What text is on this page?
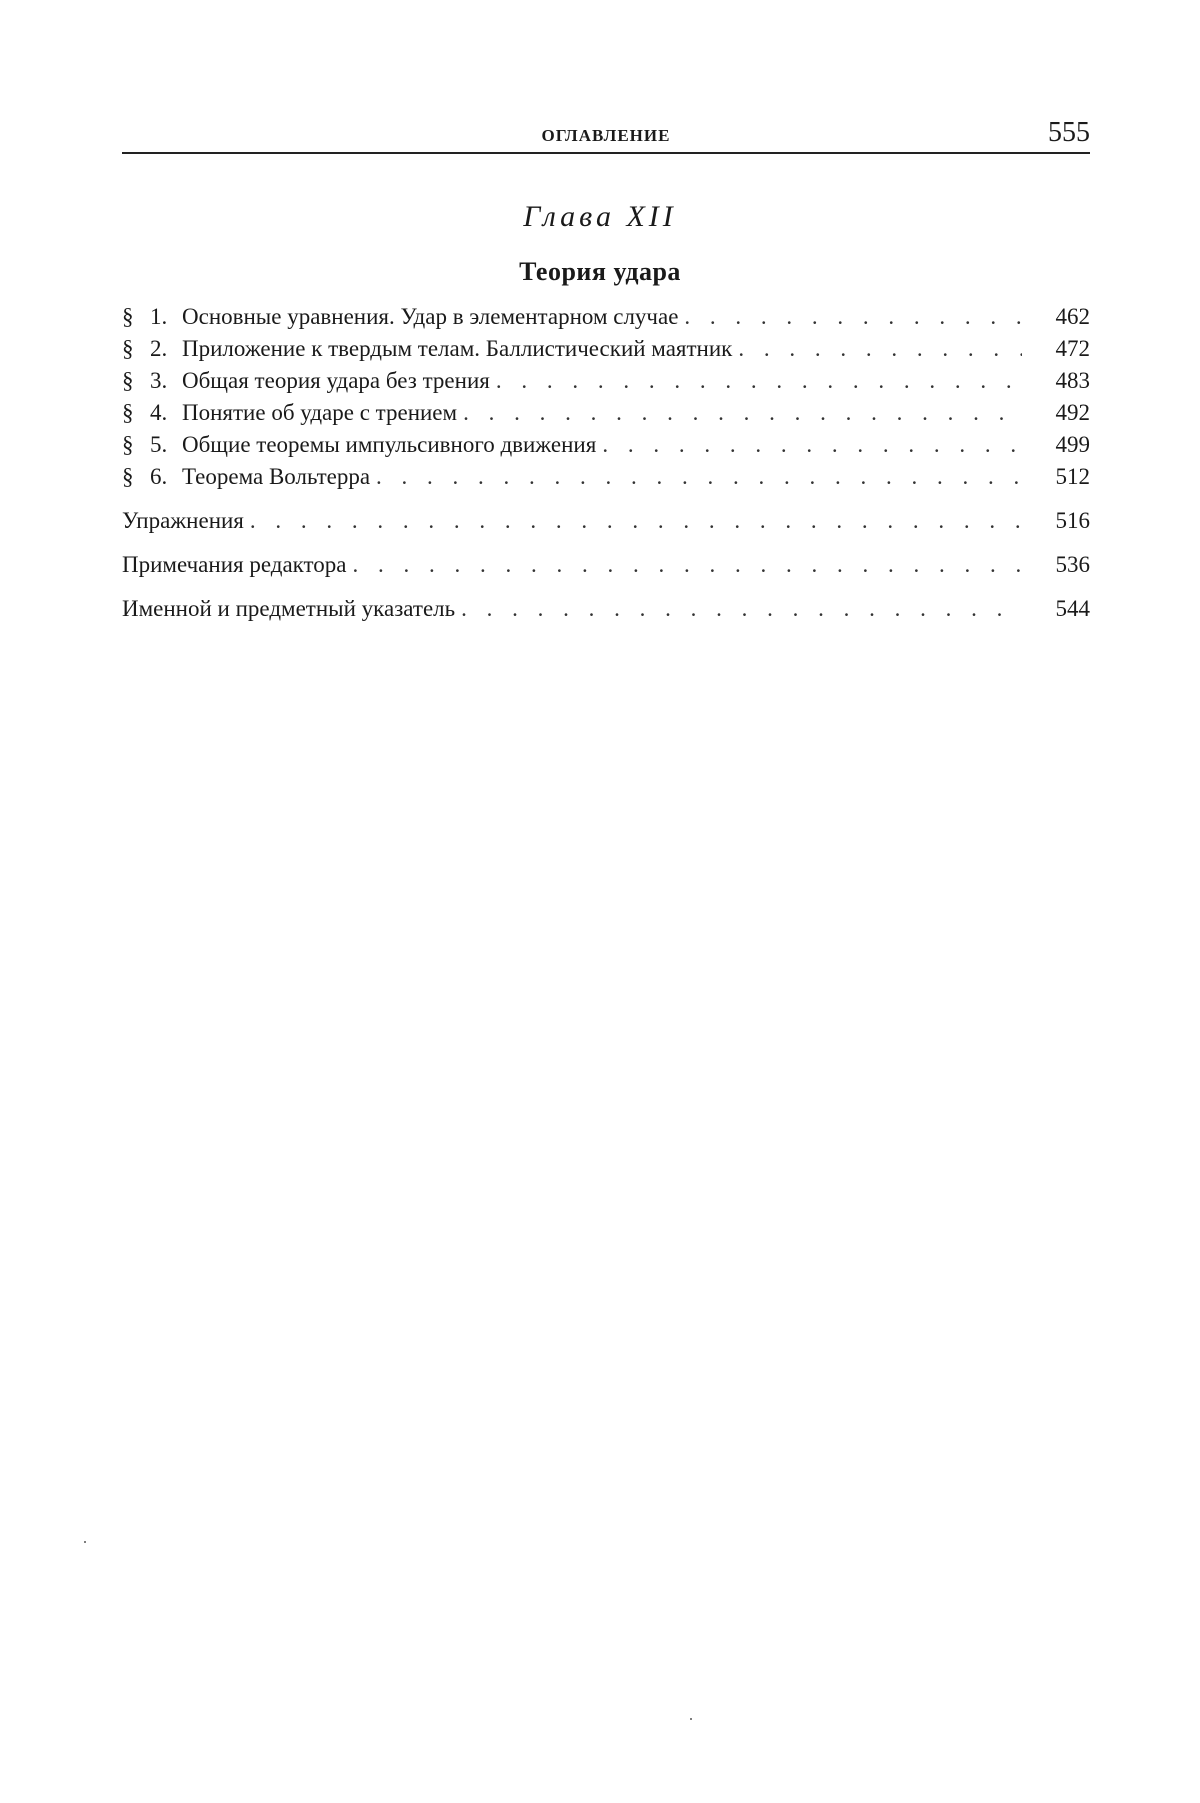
ОГЛАВЛЕНИЕ	555
Глава XII
Теория удара
§ 1. Основные уравнения. Удар в элементарном случае . . .	462
§ 2. Приложение к твердым телам. Баллистический маятник . . .	472
§ 3. Общая теория удара без трения . . .	483
§ 4. Понятие об ударе с трением . . .	492
§ 5. Общие теоремы импульсивного движения . . .	499
§ 6. Теорема Вольтерра . . .	512
Упражнения . . .	516
Примечания редактора . . .	536
Именной и предметный указатель . . .	544
